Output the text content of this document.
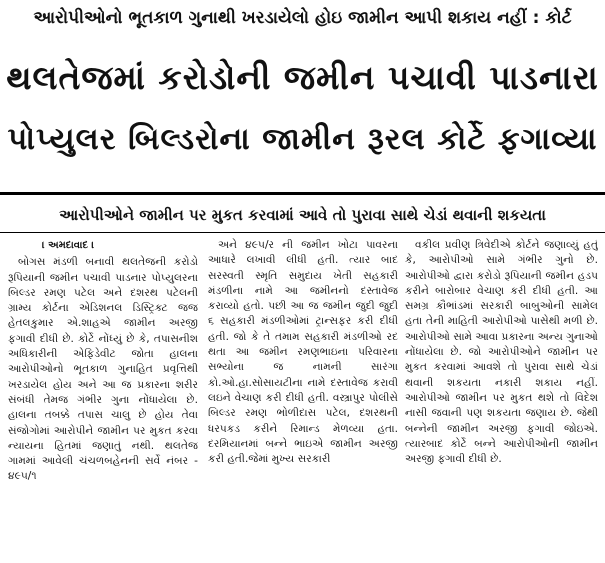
આરોપીઓનો ભૂતકાળ ગુનાથી ખરડાયેલો હોઇ જામીન આપી શકાય નહીં : કોર્ટ
થલતેજમાં કરોડોની જમીન પચાવી પાડનારા
પોપ્યુલર બિલ્ડરોના જામીન રૂરલ કોર્ટે ફગાવ્યા
આરોપીઓને જામીન પર મુકત કરવામાં આવે તો પુરાવા સાથે ચેડાં થવાની શકયતા
। અમદાવાદ ।

બોગસ મંડળી બનાવી થલતેજની કરોડો રૂપિયાની જમીન પચાવી પાડનાર પોપ્યુલરના બિલ્ડર રમણ પટેલ અને દશરથ પટેલની ગ્રામ્ય કોર્ટના એડિશનલ ડિસ્ટ્રિક્ટ જજ હેતલકુમાર એ.શાહએ જામીન અરજી ફગાવી દીધી છે. કોર્ટે નોંધ્યું છે કે, તપાસનીશ અધિકારીની એફિડેવીટ જોતા હાલના આરોપીઓનો ભૂતકાળ ગુનાહિત પ્રવૃત્તિથી ખરડાયેલ હોય અને આ જ પ્રકારના શરીર સંબંધી તેમજ ગંભીર ગુના નોંધાયેલા છે. હાલના તબક્કે તપાસ ચાલુ છે હોય તેવા સંજોગોમાં આરોપીને જામીન પર મુકત કરવા ન્યાયના હિતમાં જણાતું નથી. થલતેજ ગામમાં આવેલી ચંચળબહેનની સર્વે નંબર - ૪૯૫/૧

અને ૪૯૫/ર ની જમીન ખોટા પાવરના આધારે લખાવી લીધી હતી. ત્યાર બાદ સરસ્વતી સ્મૃતિ સમુદાય ખેતી સહકારી મંડળીના નામે આ જમીનનો દસ્તાવેજ કરાવ્યો હતો. પછી આ જ જમીન જુદી જુદી ૬ સહકારી મંડળીઓમાં ટ્રાન્સફર કરી દીધી હતી. જો કે તે તમામ સહકારી મંડળીઓ રદ થતા આ જમીન રમણભાઇના પરિવારના સભ્યોના જ નામની સારંગા કો.ઓ.હા.સોસાયટીના નામે દસ્તાવેજ કરાવી લઇને વેચાણ કરી દીધી હતી. વસ્ત્રાપુર પોલીસે બિલ્ડર રમણ ભોળીદાસ પટેલ, દશરથની ધરપકડ કરીને રિમાન્ડ મેળવ્યા હતા. દરમિયાનમાં બન્ને ભાઇએ જામીન અરજી કરી હતી.જેમાં મુખ્ય સરકારી

વકીલ પ્રવીણ ત્રિવેદીએ કોર્ટને જણાવ્યું હતું કે, આરોપીઓ સામે ગંભીર ગુનો છે. આરોપીઓ દ્વારા કરોડો રૂપિયાની જમીન હડપ કરીને બારોબાર વેચાણ કરી દીધી હતી. આ સમગ્ર કૌભાંડમાં સરકારી બાબુઓની સામેલ હતા તેની માહિતી આરોપીઓ પાસેથી મળી છે. આરોપીઓ સામે આવા પ્રકારના અન્ય ગુનાઓ નોંધાયેલા છે. જો આરોપીઓને જામીન પર મુકત કરવામાં આવશે તો પુરાવા સાથે ચેડાં થવાની શકયતા નકારી શકાય નહીં. આરોપીઓ જામીન પર મુકત થશે તો વિદેશ નાસી જવાની પણ શકયતા જણાય છે. જેથી બન્નેની જામીન અરજી ફગાવી જોઇએ. ત્યારબાદ કોર્ટે બન્ને આરોપીઓની જામીન અરજી ફગાવી દીધી છે.
